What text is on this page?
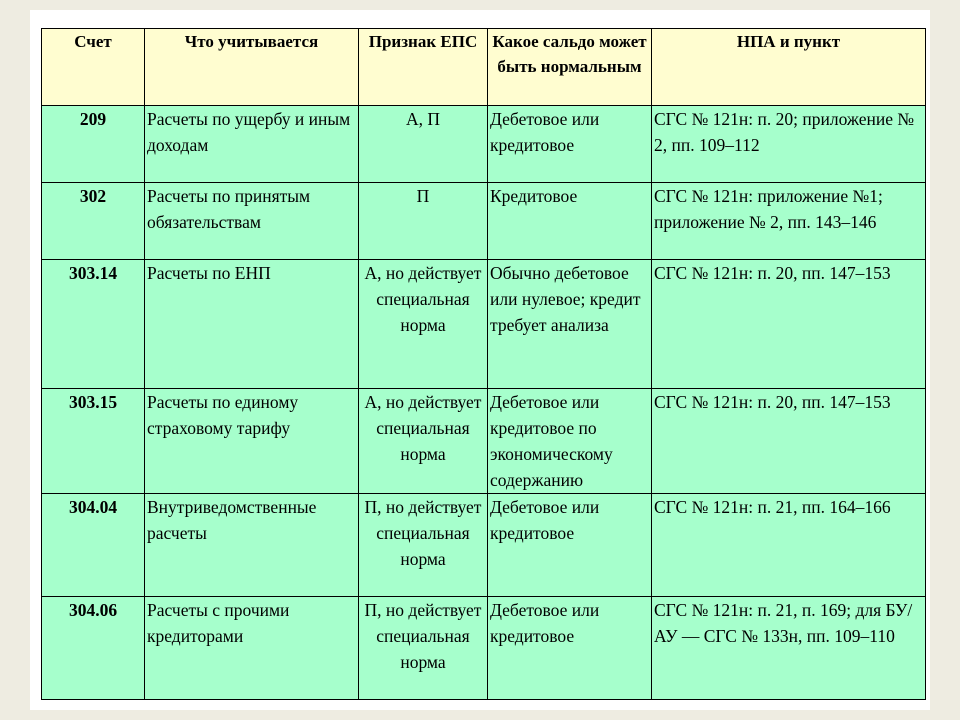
Счет	Что учитывается	Признак ЕПС	Какое сальдо может быть нормальным	НПА и пункт
209	Расчеты по ущербу и иным доходам	А, П	Дебетовое или кредитовое	СГС № 121н: п. 20; приложение № 2, пп. 109–112
302	Расчеты по принятым обязательствам	П	Кредитовое	СГС № 121н: приложение №1; приложение № 2, пп. 143–146
303.14	Расчеты по ЕНП	А, но действует специальная норма	Обычно дебетовое или нулевое; кредит требует анализа	СГС № 121н: п. 20, пп. 147–153
303.15	Расчеты по единому страховому тарифу	А, но действует специальная норма	Дебетовое или кредитовое по экономическому содержанию	СГС № 121н: п. 20, пп. 147–153
304.04	Внутриведомственные расчеты	П, но действует специальная норма	Дебетовое или кредитовое	СГС № 121н: п. 21, пп. 164–166
304.06	Расчеты с прочими кредиторами	П, но действует специальная норма	Дебетовое или кредитовое	СГС № 121н: п. 21, п. 169; для БУ/АУ — СГС № 133н, пп. 109–110
